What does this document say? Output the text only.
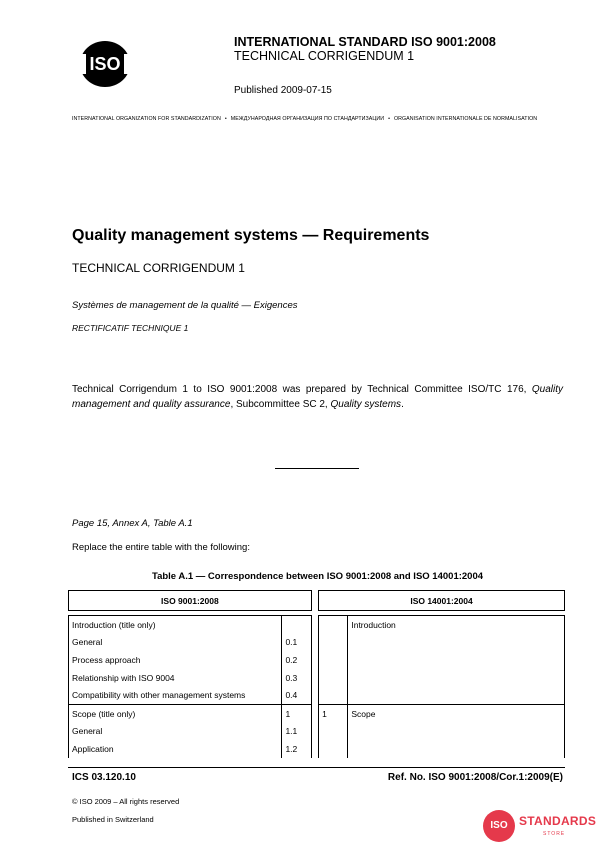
ISO
INTERNATIONAL STANDARD ISO 9001:2008
TECHNICAL CORRIGENDUM 1
Published 2009-07-15
INTERNATIONAL ORGANIZATION FOR STANDARDIZATION • МЕЖДУНАРОДНАЯ ОРГАНИЗАЦИЯ ПО СТАНДАРТИЗАЦИИ • ORGANISATION INTERNATIONALE DE NORMALISATION
Quality management systems — Requirements
TECHNICAL CORRIGENDUM 1
Systèmes de management de la qualité — Exigences
RECTIFICATIF TECHNIQUE 1
Technical Corrigendum 1 to ISO 9001:2008 was prepared by Technical Committee ISO/TC 176, Quality management and quality assurance, Subcommittee SC 2, Quality systems.
Page 15, Annex A, Table A.1
Replace the entire table with the following:
Table A.1 — Correspondence between ISO 9001:2008 and ISO 14001:2004
ISO 9001:2008			ISO 14001:2004	

Introduction (title only)				Introduction
General	0.1			
Process approach	0.2			
Relationship with ISO 9004	0.3			
Compatibility with other management systems	0.4			
Scope (title only)	1		1	Scope
General	1.1			
Application	1.2			
ICS 03.120.10	Ref. No. ISO 9001:2008/Cor.1:2009(E)
© ISO 2009 – All rights reserved
Published in Switzerland
ISO STANDARDS
STORE
